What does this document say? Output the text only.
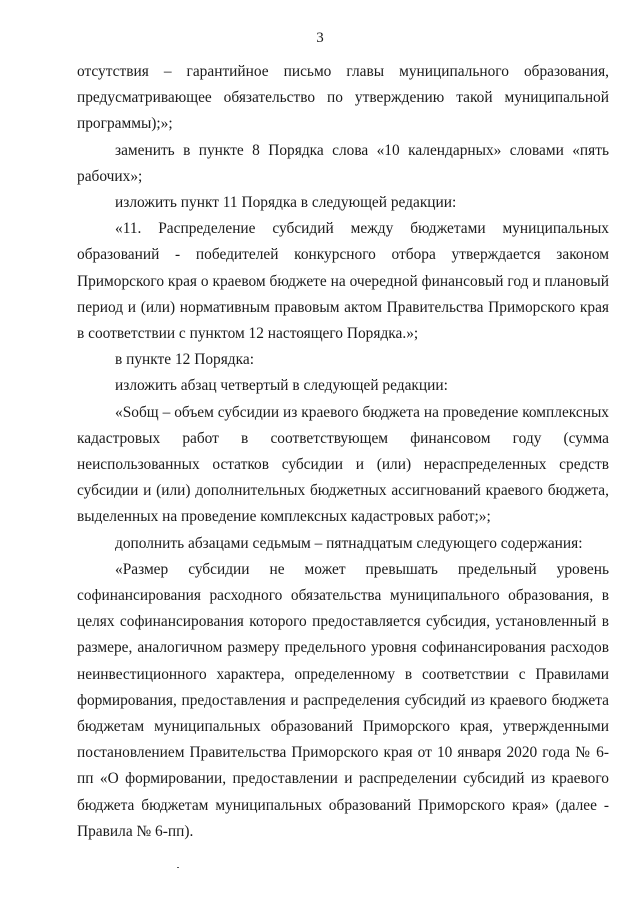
3

отсутствия – гарантийное письмо главы муниципального образования, предусматривающее обязательство по утверждению такой муниципальной программы);»;

заменить в пункте 8 Порядка слова «10 календарных» словами «пять рабочих»;

изложить пункт 11 Порядка в следующей редакции:

«11. Распределение субсидий между бюджетами муниципальных образований - победителей конкурсного отбора утверждается законом Приморского края о краевом бюджете на очередной финансовый год и плановый период и (или) нормативным правовым актом Правительства Приморского края в соответствии с пунктом 12 настоящего Порядка.»;

в пункте 12 Порядка:

изложить абзац четвертый в следующей редакции:

«Sобщ – объем субсидии из краевого бюджета на проведение комплексных кадастровых работ в соответствующем финансовом году (сумма неиспользованных остатков субсидии и (или) нераспределенных средств субсидии и (или) дополнительных бюджетных ассигнований краевого бюджета, выделенных на проведение комплексных кадастровых работ;»;

дополнить абзацами седьмым – пятнадцатым следующего содержания:

«Размер субсидии не может превышать предельный уровень софинансирования расходного обязательства муниципального образования, в целях софинансирования которого предоставляется субсидия, установленный в размере, аналогичном размеру предельного уровня софинансирования расходов неинвестиционного характера, определенному в соответствии с Правилами формирования, предоставления и распределения субсидий из краевого бюджета бюджетам муниципальных образований Приморского края, утвержденными постановлением Правительства Приморского края от 10 января 2020 года № 6-пп «О формировании, предоставлении и распределении субсидий из краевого бюджета бюджетам муниципальных образований Приморского края» (далее - Правила № 6-пп).
